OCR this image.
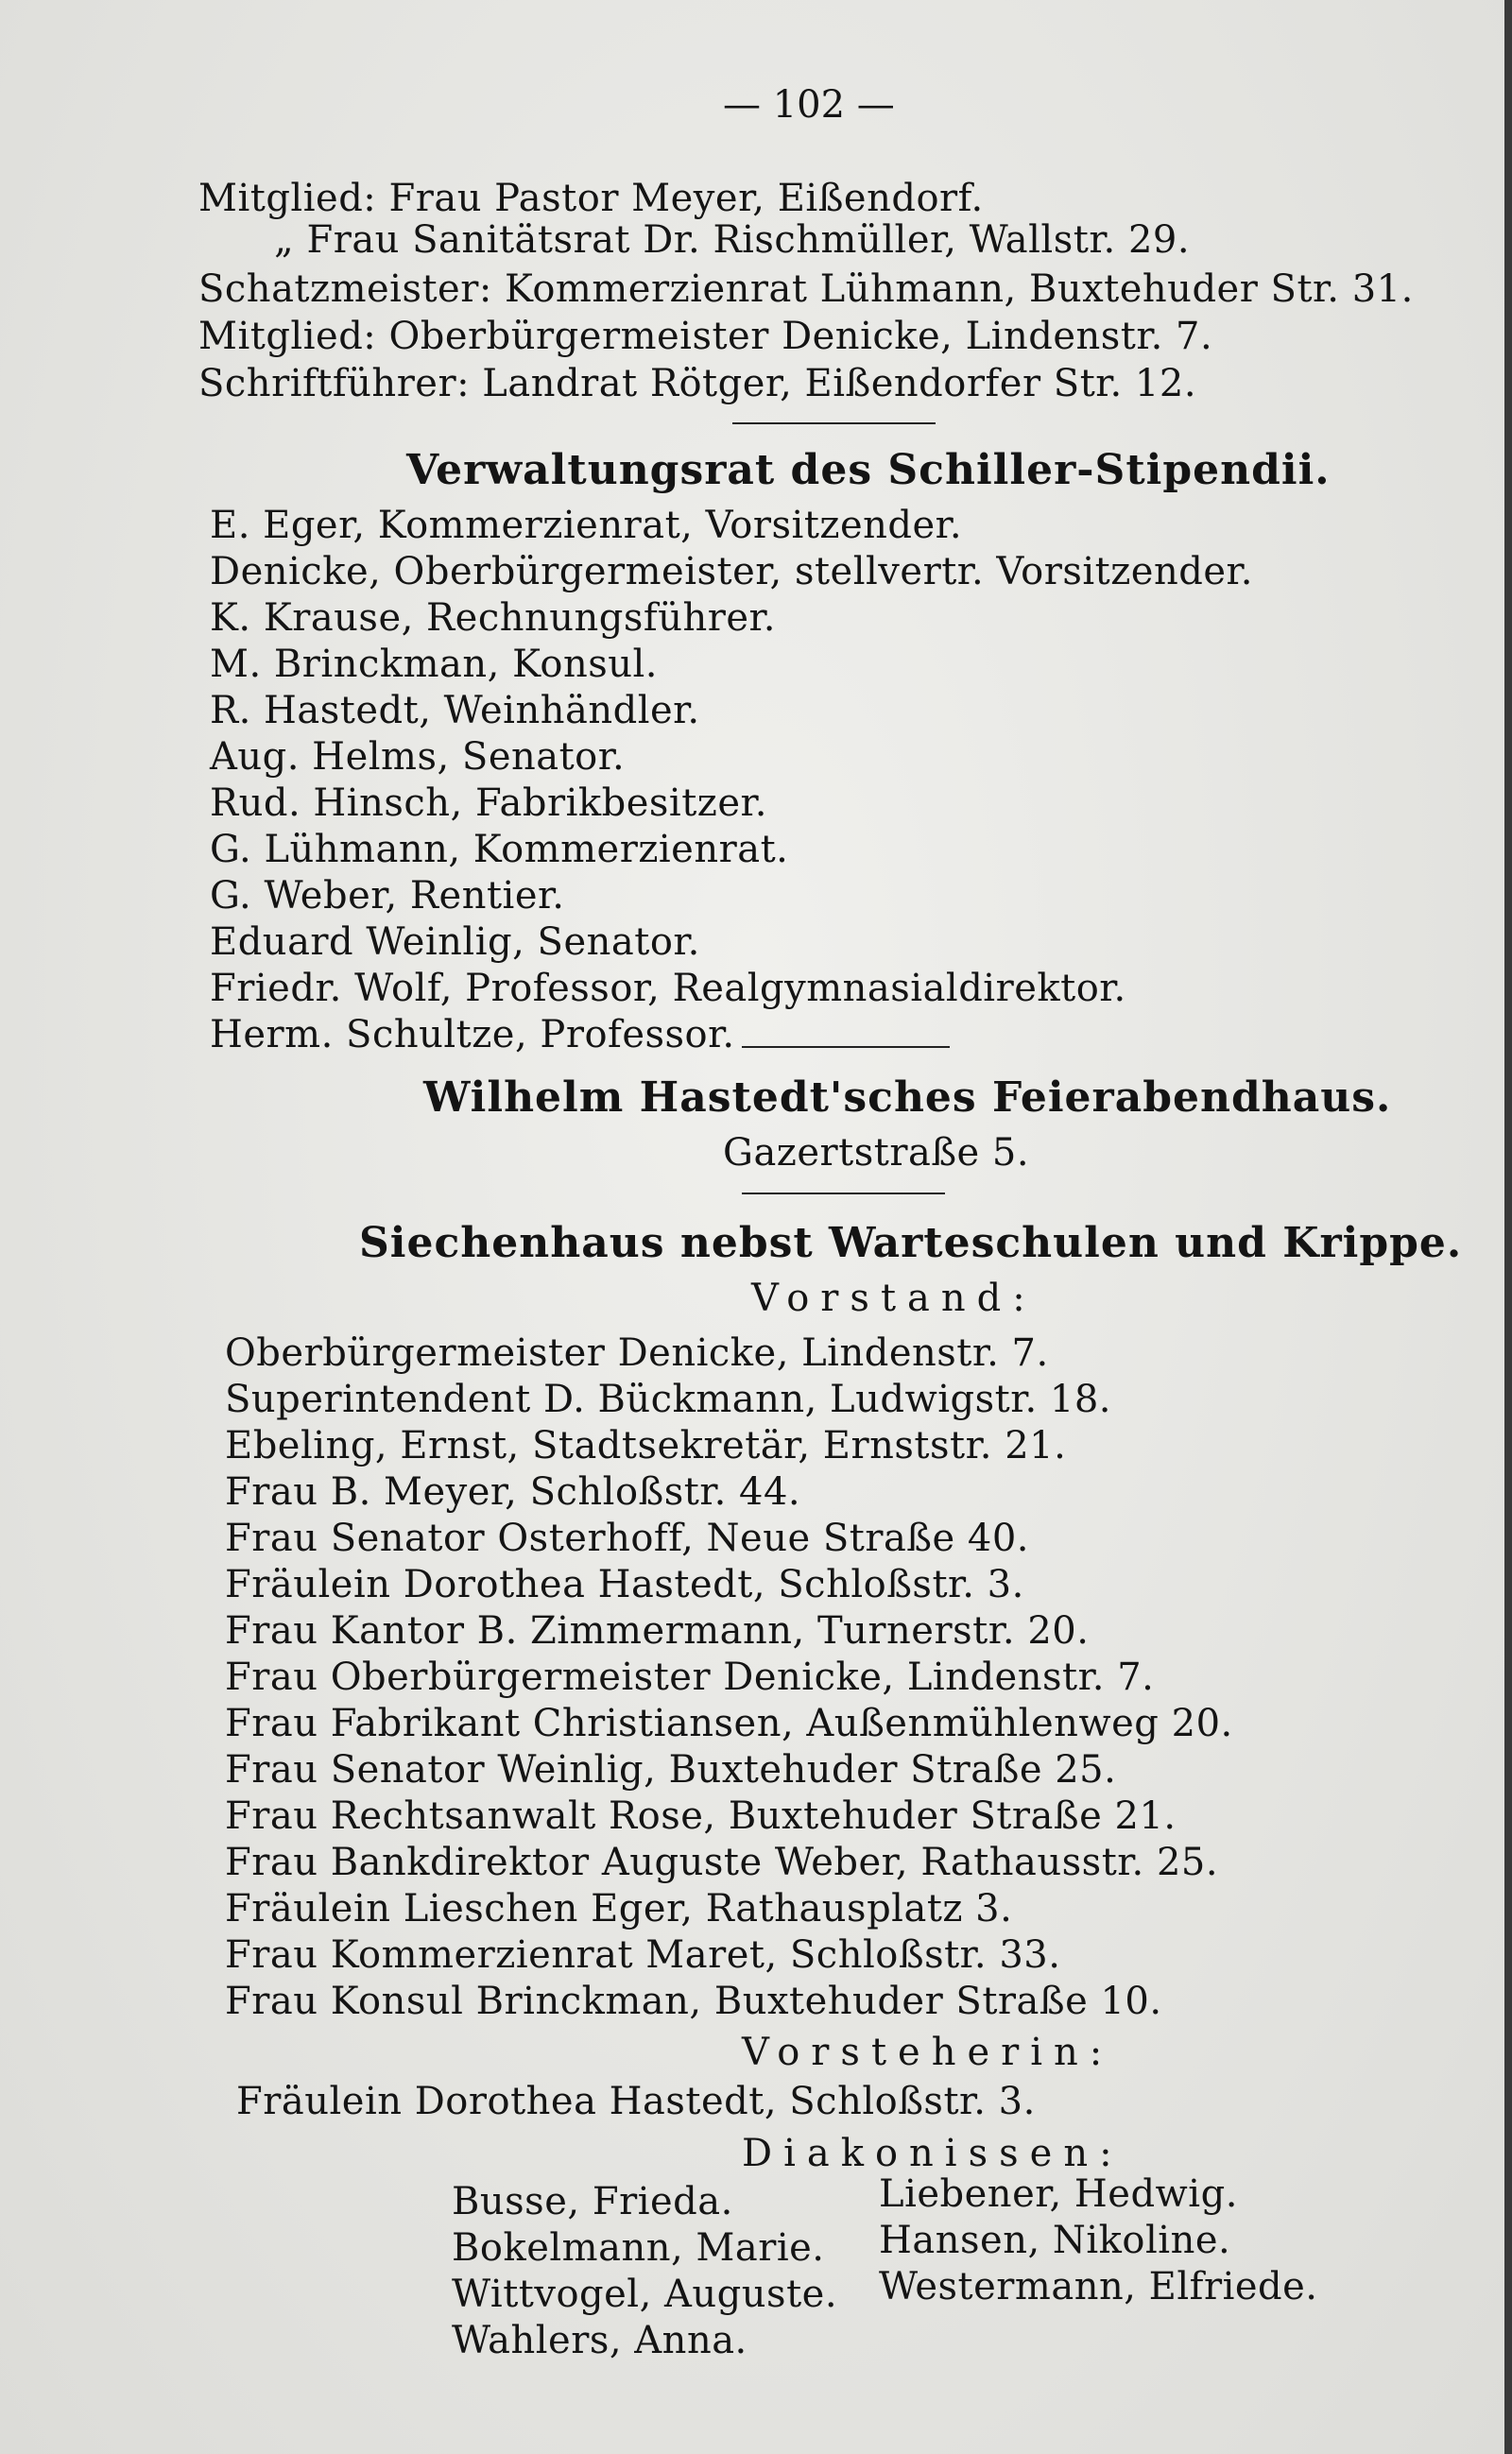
— 102 —
Mitglied: Frau Pastor Meyer, Eißendorf.
„ Frau Sanitätsrat Dr. Rischmüller, Wallstr. 29.
Schatzmeister: Kommerzienrat Lühmann, Buxtehuder Str. 31.
Mitglied: Oberbürgermeister Denicke, Lindenstr. 7.
Schriftführer: Landrat Rötger, Eißendorfer Str. 12.
Verwaltungsrat des Schiller-Stipendii.
E. Eger, Kommerzienrat, Vorsitzender.
Denicke, Oberbürgermeister, stellvertr. Vorsitzender.
K. Krause, Rechnungsführer.
M. Brinckman, Konsul.
R. Hastedt, Weinhändler.
Aug. Helms, Senator.
Rud. Hinsch, Fabrikbesitzer.
G. Lühmann, Kommerzienrat.
G. Weber, Rentier.
Eduard Weinlig, Senator.
Friedr. Wolf, Professor, Realgymnasialdirektor.
Herm. Schultze, Professor.
Wilhelm Hastedt'sches Feierabendhaus.
Gazertstraße 5.
Siechenhaus nebst Warteschulen und Krippe.
Vorstand:
Oberbürgermeister Denicke, Lindenstr. 7.
Superintendent D. Bückmann, Ludwigstr. 18.
Ebeling, Ernst, Stadtsekretär, Ernststr. 21.
Frau B. Meyer, Schloßstr. 44.
Frau Senator Osterhoff, Neue Straße 40.
Fräulein Dorothea Hastedt, Schloßstr. 3.
Frau Kantor B. Zimmermann, Turnerstr. 20.
Frau Oberbürgermeister Denicke, Lindenstr. 7.
Frau Fabrikant Christiansen, Außenmühlenweg 20.
Frau Senator Weinlig, Buxtehuder Straße 25.
Frau Rechtsanwalt Rose, Buxtehuder Straße 21.
Frau Bankdirektor Auguste Weber, Rathausstr. 25.
Fräulein Lieschen Eger, Rathausplatz 3.
Frau Kommerzienrat Maret, Schloßstr. 33.
Frau Konsul Brinckman, Buxtehuder Straße 10.
Vorsteherin:
Fräulein Dorothea Hastedt, Schloßstr. 3.
Diakonissen:
Busse, Frieda.
Bokelmann, Marie.
Wittvogel, Auguste.
Wahlers, Anna.
Liebener, Hedwig.
Hansen, Nikoline.
Westermann, Elfriede.
